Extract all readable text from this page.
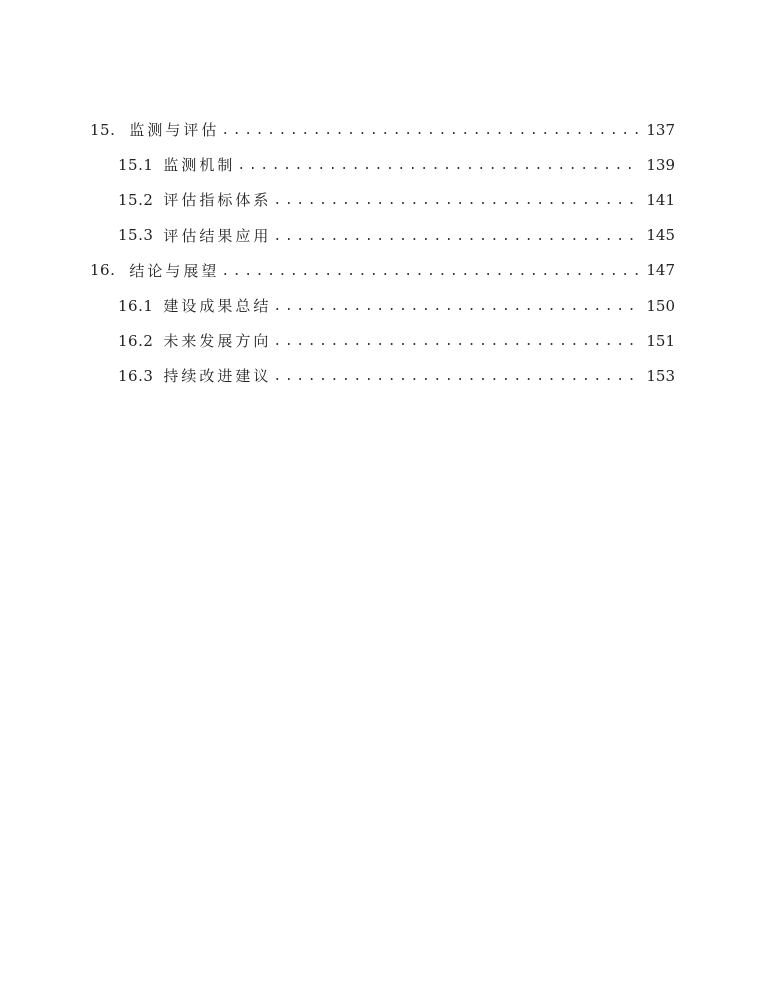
15. 监测与评估 .....	137
15.1 监测机制 .....	139
15.2 评估指标体系 .....	141
15.3 评估结果应用 .....	145
16. 结论与展望 .....	147
16.1 建设成果总结 .....	150
16.2 未来发展方向 .....	151
16.3 持续改进建议 .....	153
